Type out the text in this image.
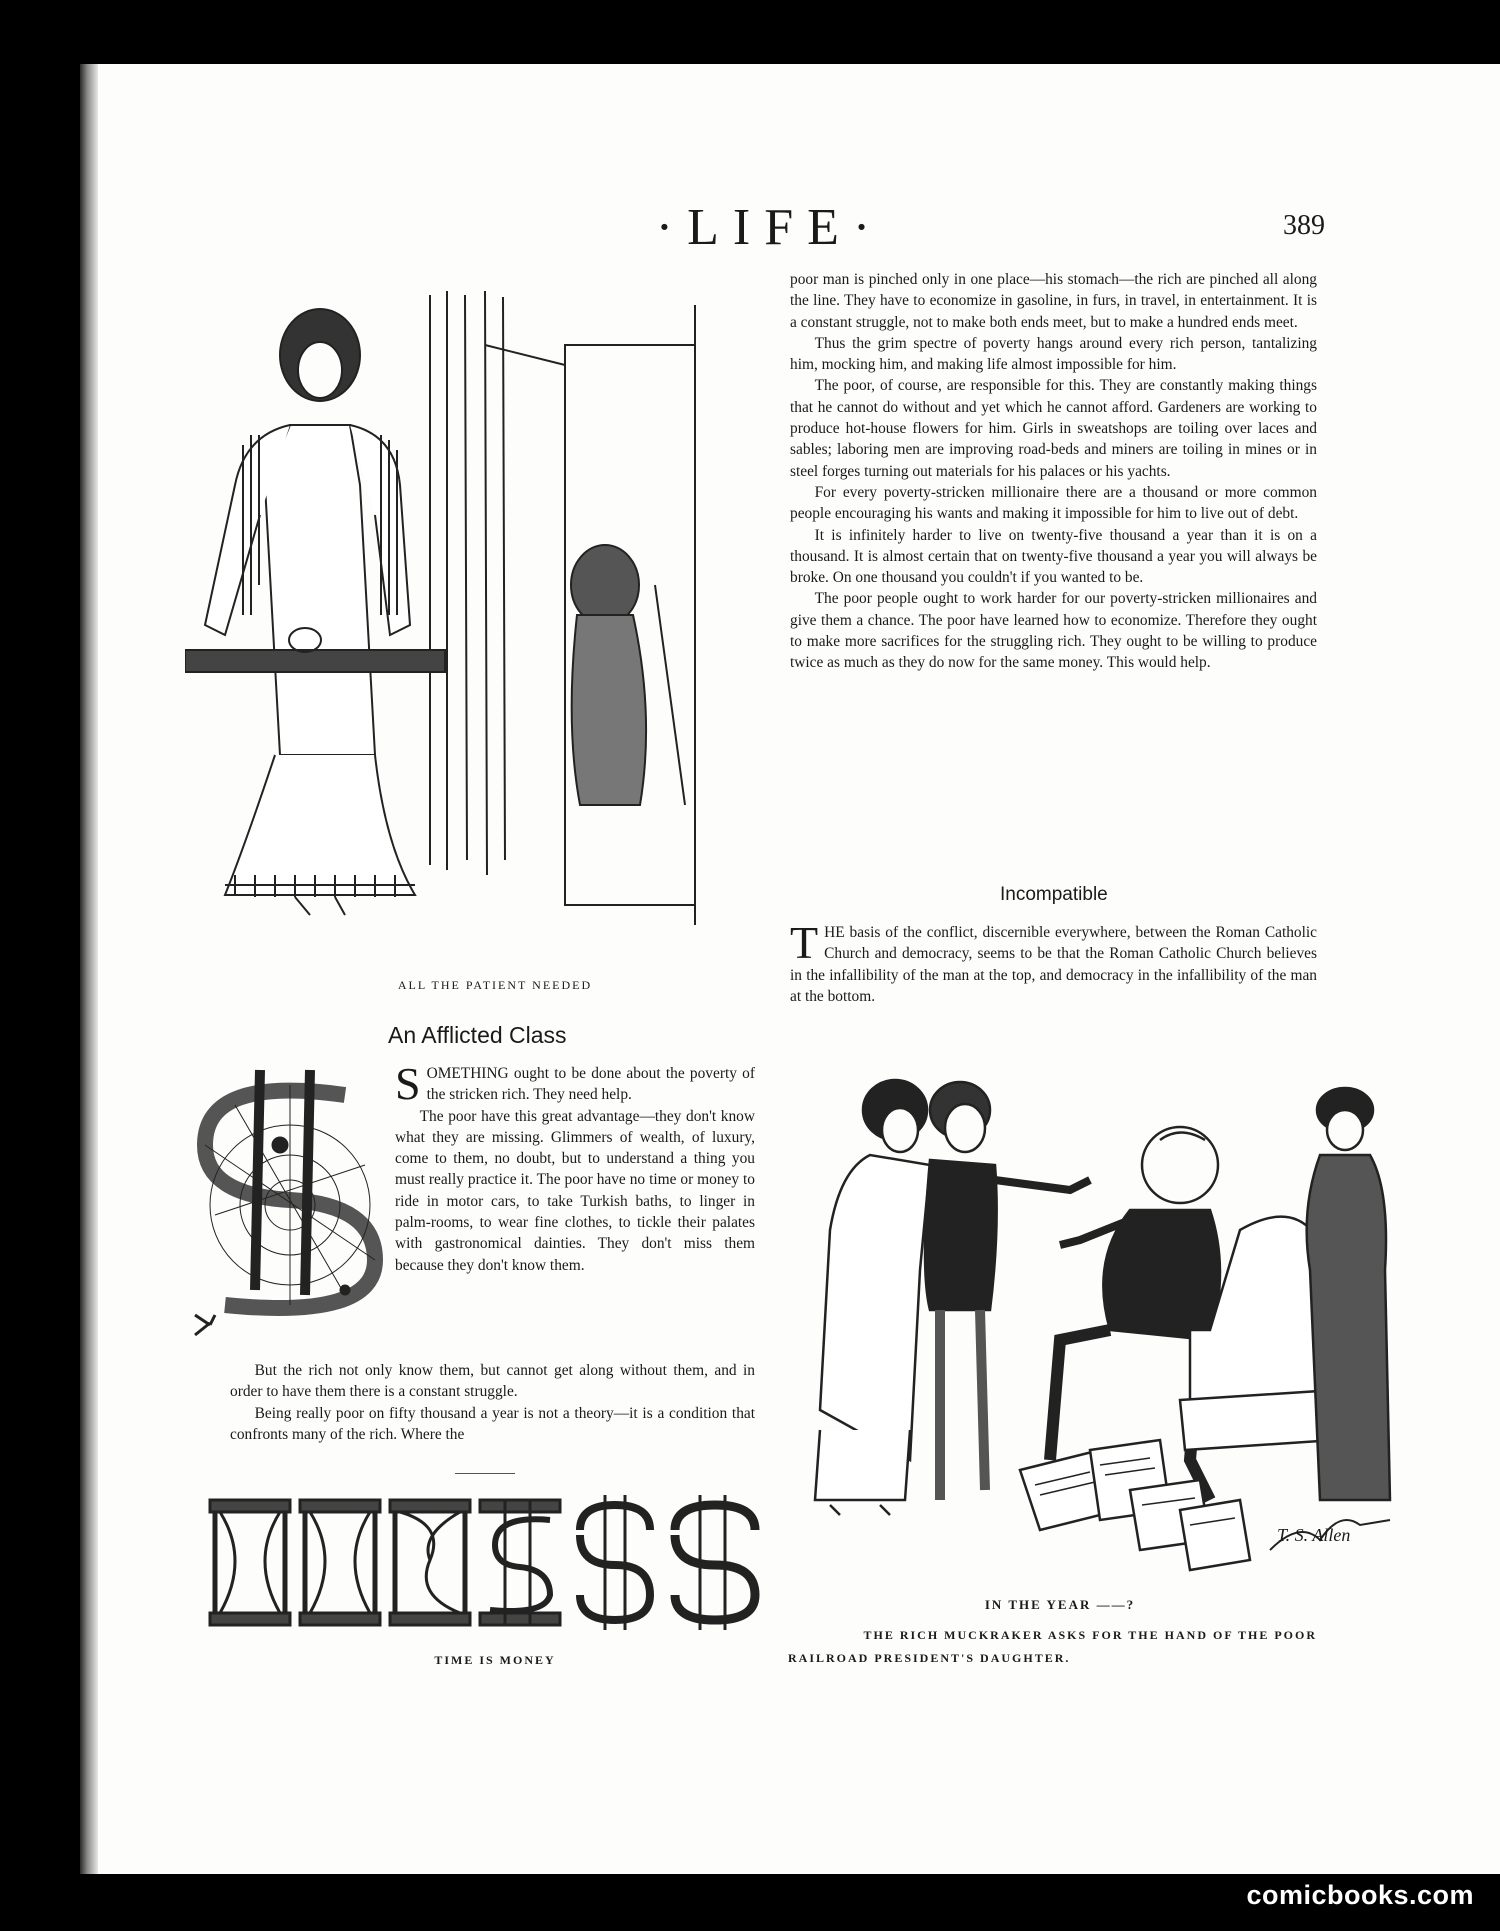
·LIFE·	389
ALL THE PATIENT NEEDED
An Afflicted Class

SOMETHING ought to be done about the poverty of the stricken rich. They need help.

The poor have this great advantage—they don't know what they are missing. Glimmers of wealth, of luxury, come to them, no doubt, but to understand a thing you must really practice it. The poor have no time or money to ride in motor cars, to take Turkish baths, to linger in palm-rooms, to wear fine clothes, to tickle their palates with gastronomical dainties. They don't miss them because they don't know them.

But the rich not only know them, but cannot get along without them, and in order to have them there is a constant struggle.

Being really poor on fifty thousand a year is not a theory—it is a condition that confronts many of the rich. Where the

TIME IS MONEY

poor man is pinched only in one place—his stomach—the rich are pinched all along the line. They have to economize in gasoline, in furs, in travel, in entertainment. It is a constant struggle, not to make both ends meet, but to make a hundred ends meet.

Thus the grim spectre of poverty hangs around every rich person, tantalizing him, mocking him, and making life almost impossible for him.

The poor, of course, are responsible for this. They are constantly making things that he cannot do without and yet which he cannot afford. Gardeners are working to produce hot-house flowers for him. Girls in sweatshops are toiling over laces and sables; laboring men are improving road-beds and miners are toiling in mines or in steel forges turning out materials for his palaces or his yachts.

For every poverty-stricken millionaire there are a thousand or more common people encouraging his wants and making it impossible for him to live out of debt.

It is infinitely harder to live on twenty-five thousand a year than it is on a thousand. It is almost certain that on twenty-five thousand a year you will always be broke. On one thousand you couldn't if you wanted to be.

The poor people ought to work harder for our poverty-stricken millionaires and give them a chance. The poor have learned how to economize. Therefore they ought to make more sacrifices for the struggling rich. They ought to be willing to produce twice as much as they do now for the same money. This would help.

Incompatible

THE basis of the conflict, discernible everywhere, between the Roman Catholic Church and democracy, seems to be that the Roman Catholic Church believes in the infallibility of the man at the top, and democracy in the infallibility of the man at the bottom.

T. S. Allen
IN THE YEAR ——?
THE RICH MUCKRAKER ASKS FOR THE HAND OF THE POOR
RAILROAD PRESIDENT'S DAUGHTER.
comicbooks.com
